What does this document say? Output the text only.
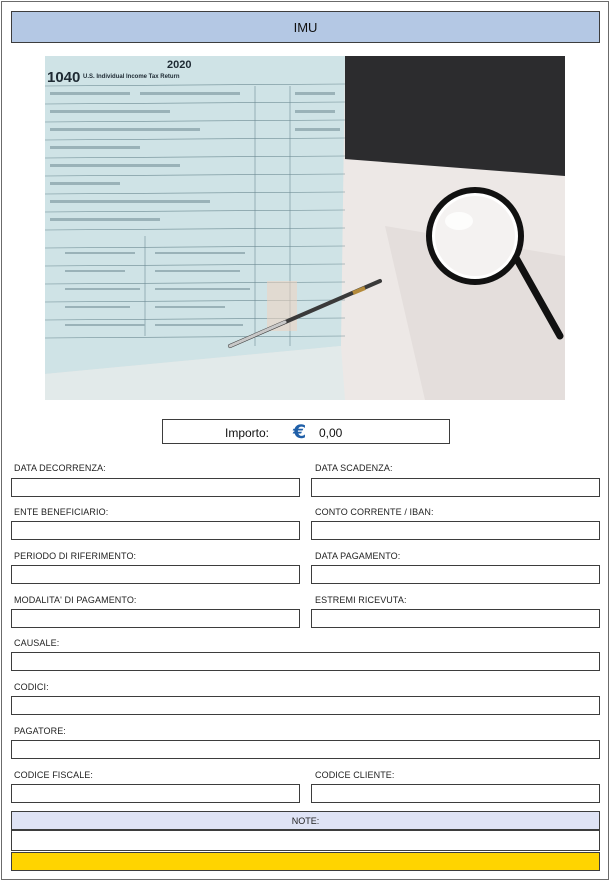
IMU
1040 U.S. Individual Income Tax Return
2020
Importo: € 0,00
DATA DECORRENZA:	DATA SCADENZA:
ENTE BENEFICIARIO:	CONTO CORRENTE / IBAN:
PERIODO DI RIFERIMENTO:	DATA PAGAMENTO:
MODALITA' DI PAGAMENTO:	ESTREMI RICEVUTA:
CAUSALE:
CODICI:
PAGATORE:
CODICE FISCALE:	CODICE CLIENTE:
NOTE:
